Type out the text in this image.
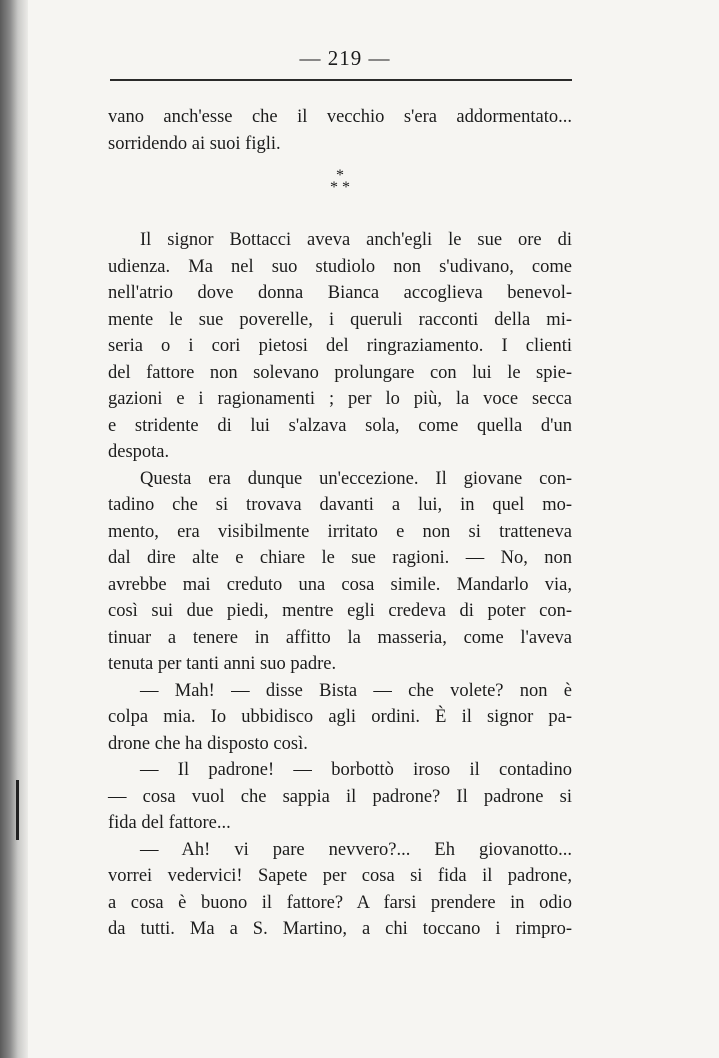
— 219 —
vano anch'esse che il vecchio s'era addormentato...
sorridendo ai suoi figli.
*
* *
Il signor Bottacci aveva anch'egli le sue ore di
udienza. Ma nel suo studiolo non s'udivano, come
nell'atrio dove donna Bianca accoglieva benevol-
mente le sue poverelle, i queruli racconti della mi-
seria o i cori pietosi del ringraziamento. I clienti
del fattore non solevano prolungare con lui le spie-
gazioni e i ragionamenti ; per lo più, la voce secca
e stridente di lui s'alzava sola, come quella d'un
despota.
Questa era dunque un'eccezione. Il giovane con-
tadino che si trovava davanti a lui, in quel mo-
mento, era visibilmente irritato e non si tratteneva
dal dire alte e chiare le sue ragioni. — No, non
avrebbe mai creduto una cosa simile. Mandarlo via,
così sui due piedi, mentre egli credeva di poter con-
tinuar a tenere in affitto la masseria, come l'aveva
tenuta per tanti anni suo padre.
— Mah! — disse Bista — che volete? non è
colpa mia. Io ubbidisco agli ordini. È il signor pa-
drone che ha disposto così.
— Il padrone! — borbottò iroso il contadino
— cosa vuol che sappia il padrone? Il padrone si
fida del fattore...
— Ah! vi pare nevvero?... Eh giovanotto...
vorrei vedervici! Sapete per cosa si fida il padrone,
a cosa è buono il fattore? A farsi prendere in odio
da tutti. Ma a S. Martino, a chi toccano i rimpro-
